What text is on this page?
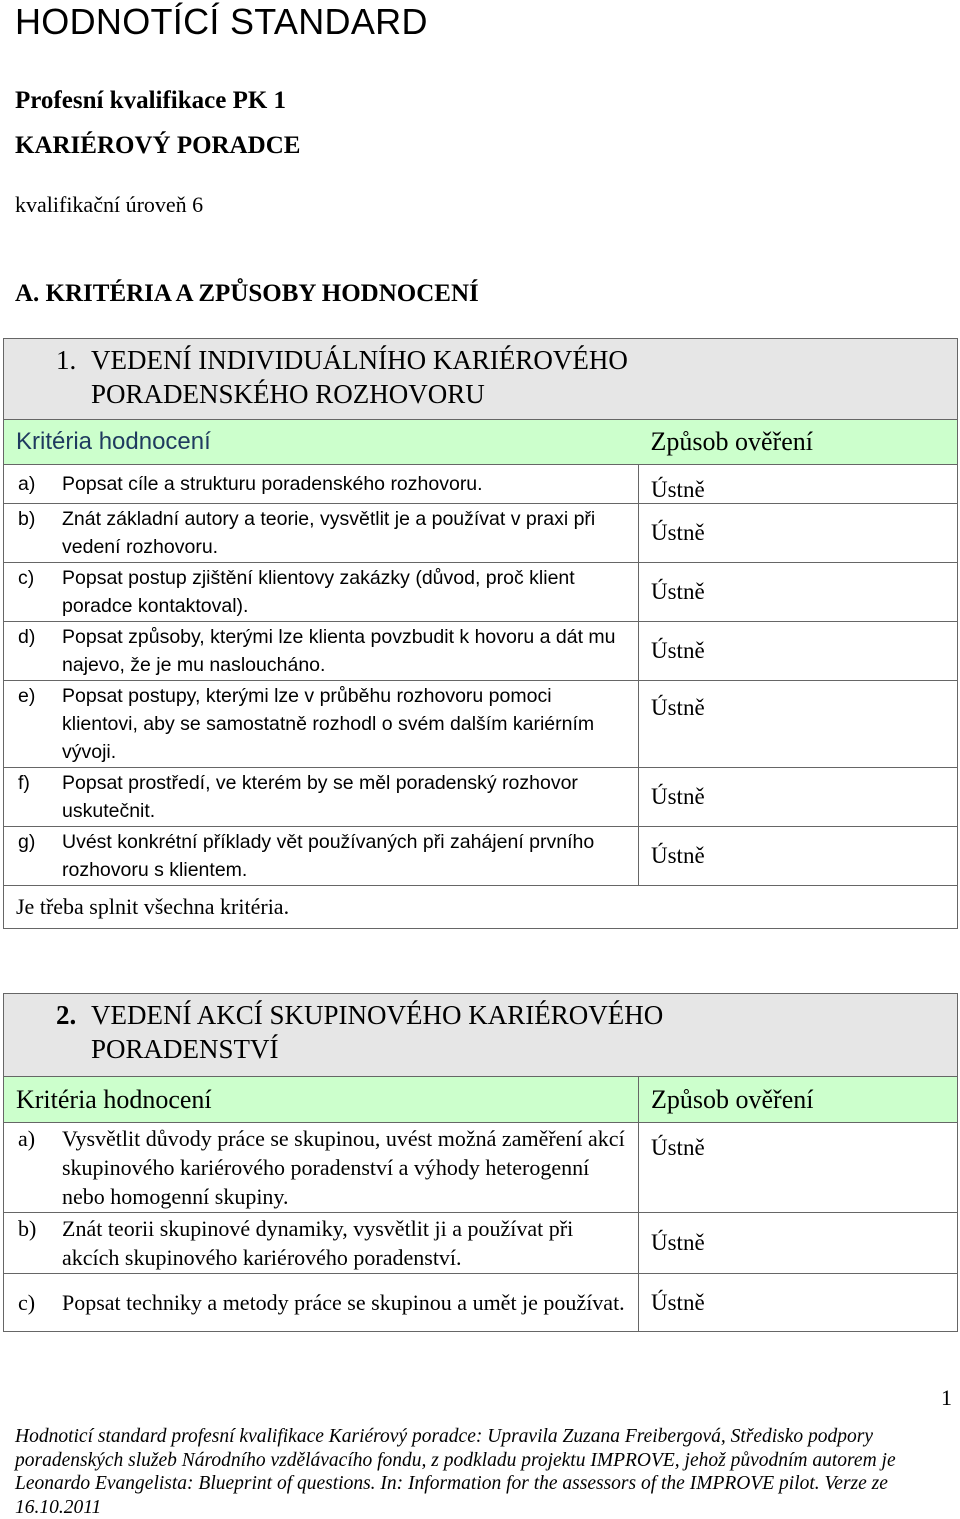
HODNOTÍCÍ STANDARD
Profesní kvalifikace PK 1
KARIÉROVÝ PORADCE
kvalifikační úroveň 6
A. KRITÉRIA A ZPŮSOBY HODNOCENÍ
1. VEDENÍ INDIVIDUÁLNÍHO KARIÉROVÉHO
PORADENSKÉHO ROZHOVORU	
Kritéria hodnocení	Způsob ověření
a) Popsat cíle a strukturu poradenského rozhovoru.	Ústně
b) Znát základní autory a teorie, vysvětlit je a používat v praxi při vedení rozhovoru.	Ústně
c) Popsat postup zjištění klientovy zakázky (důvod, proč klient poradce kontaktoval).	Ústně
d) Popsat způsoby, kterými lze klienta povzbudit k hovoru a dát mu najevo, že je mu nasloucháno.	Ústně
e) Popsat postupy, kterými lze v průběhu rozhovoru pomoci klientovi, aby se samostatně rozhodl o svém dalším kariérním vývoji.	Ústně
f) Popsat prostředí, ve kterém by se měl poradenský rozhovor uskutečnit.	Ústně
g) Uvést konkrétní příklady vět používaných při zahájení prvního rozhovoru s klientem.	Ústně
Je třeba splnit všechna kritéria.	
2. VEDENÍ AKCÍ SKUPINOVÉHO KARIÉROVÉHO
PORADENSTVÍ	
Kritéria hodnocení	Způsob ověření
a) Vysvětlit důvody práce se skupinou, uvést možná zaměření akcí skupinového kariérového poradenství a výhody heterogenní nebo homogenní skupiny.	Ústně
b) Znát teorii skupinové dynamiky, vysvětlit ji a používat při akcích skupinového kariérového poradenství.	Ústně
c) Popsat techniky a metody práce se skupinou a umět je používat.	Ústně
1
Hodnoticí standard profesní kvalifikace Kariérový poradce: Upravila Zuzana Freibergová, Středisko podpory poradenských služeb Národního vzdělávacího fondu, z podkladu projektu IMPROVE, jehož původním autorem je Leonardo Evangelista: Blueprint of questions. In: Information for the assessors of the IMPROVE pilot. Verze ze 16.10.2011
